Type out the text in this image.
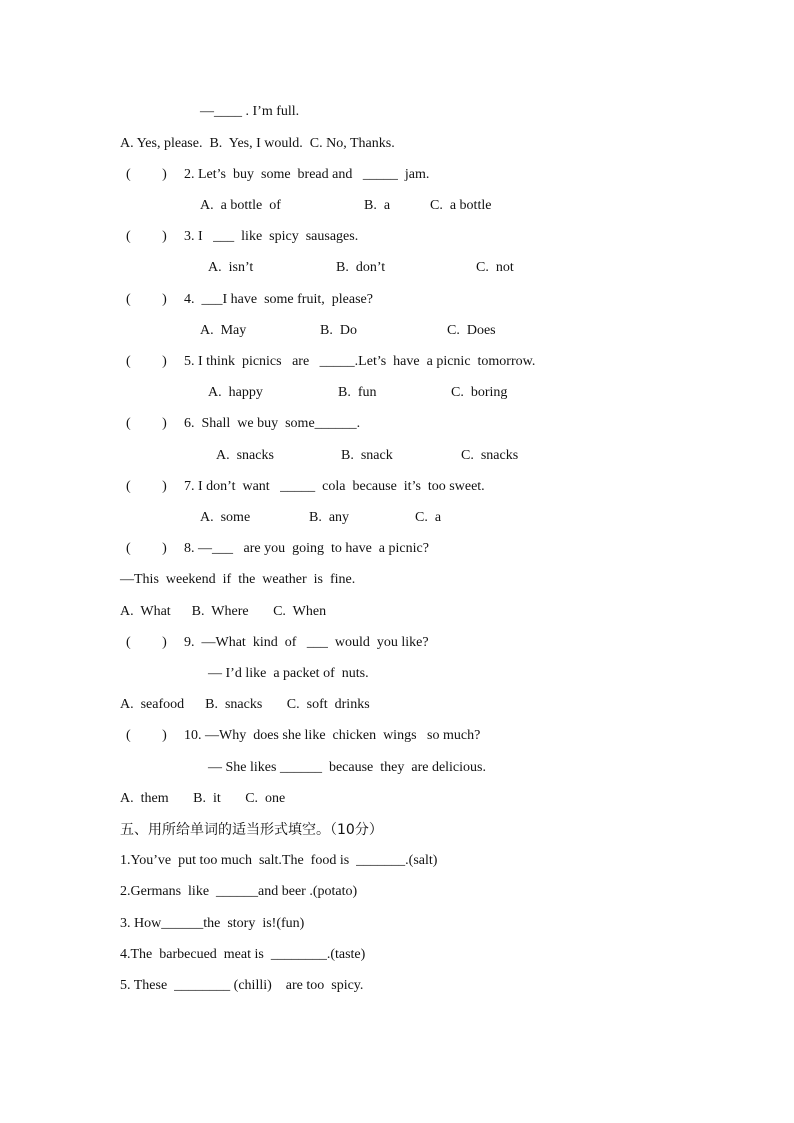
—____ . I’m full.
A. Yes, please.  B.  Yes, I would.  C. No, Thanks.
(         ) 2. Let’s  buy  some  bread and   _____  jam.
A.  a bottle  of	B.  a	C.  a bottle
(         ) 3. I   ___  like  spicy  sausages.
A.  isn’t	B.  don’t	C.  not
(         ) 4.  ___I have  some fruit,  please?
A.  May	B.  Do	C.  Does
(         ) 5. I think  picnics   are   _____.Let’s  have  a picnic  tomorrow.
A.  happy	B.  fun	C.  boring
(         ) 6.  Shall  we buy  some______.
A.  snacks	B.  snack	C.  snacks
(         ) 7. I don’t  want   _____  cola  because  it’s  too sweet.
A.  some	B.  any	C.  a
(         ) 8. —___   are you  going  to have  a picnic?
—This  weekend  if  the  weather  is  fine.
A.  What      B.  Where       C.  When
(         ) 9.  —What  kind  of   ___  would  you like?
— I’d like  a packet of  nuts.
A.  seafood      B.  snacks       C.  soft  drinks
(         ) 10. —Why  does she like  chicken  wings   so much?
— She likes ______  because  they  are delicious.
A.  them       B.  it       C.  one
五、用所给单词的适当形式填空。（10分）
1.You’ve  put too much  salt.The  food is  _______.(salt)
2.Germans  like  ______and beer .(potato)
3. How______the  story  is!(fun)
4.The  barbecued  meat is  ________.(taste)
5. These  ________ (chilli)    are too  spicy.
